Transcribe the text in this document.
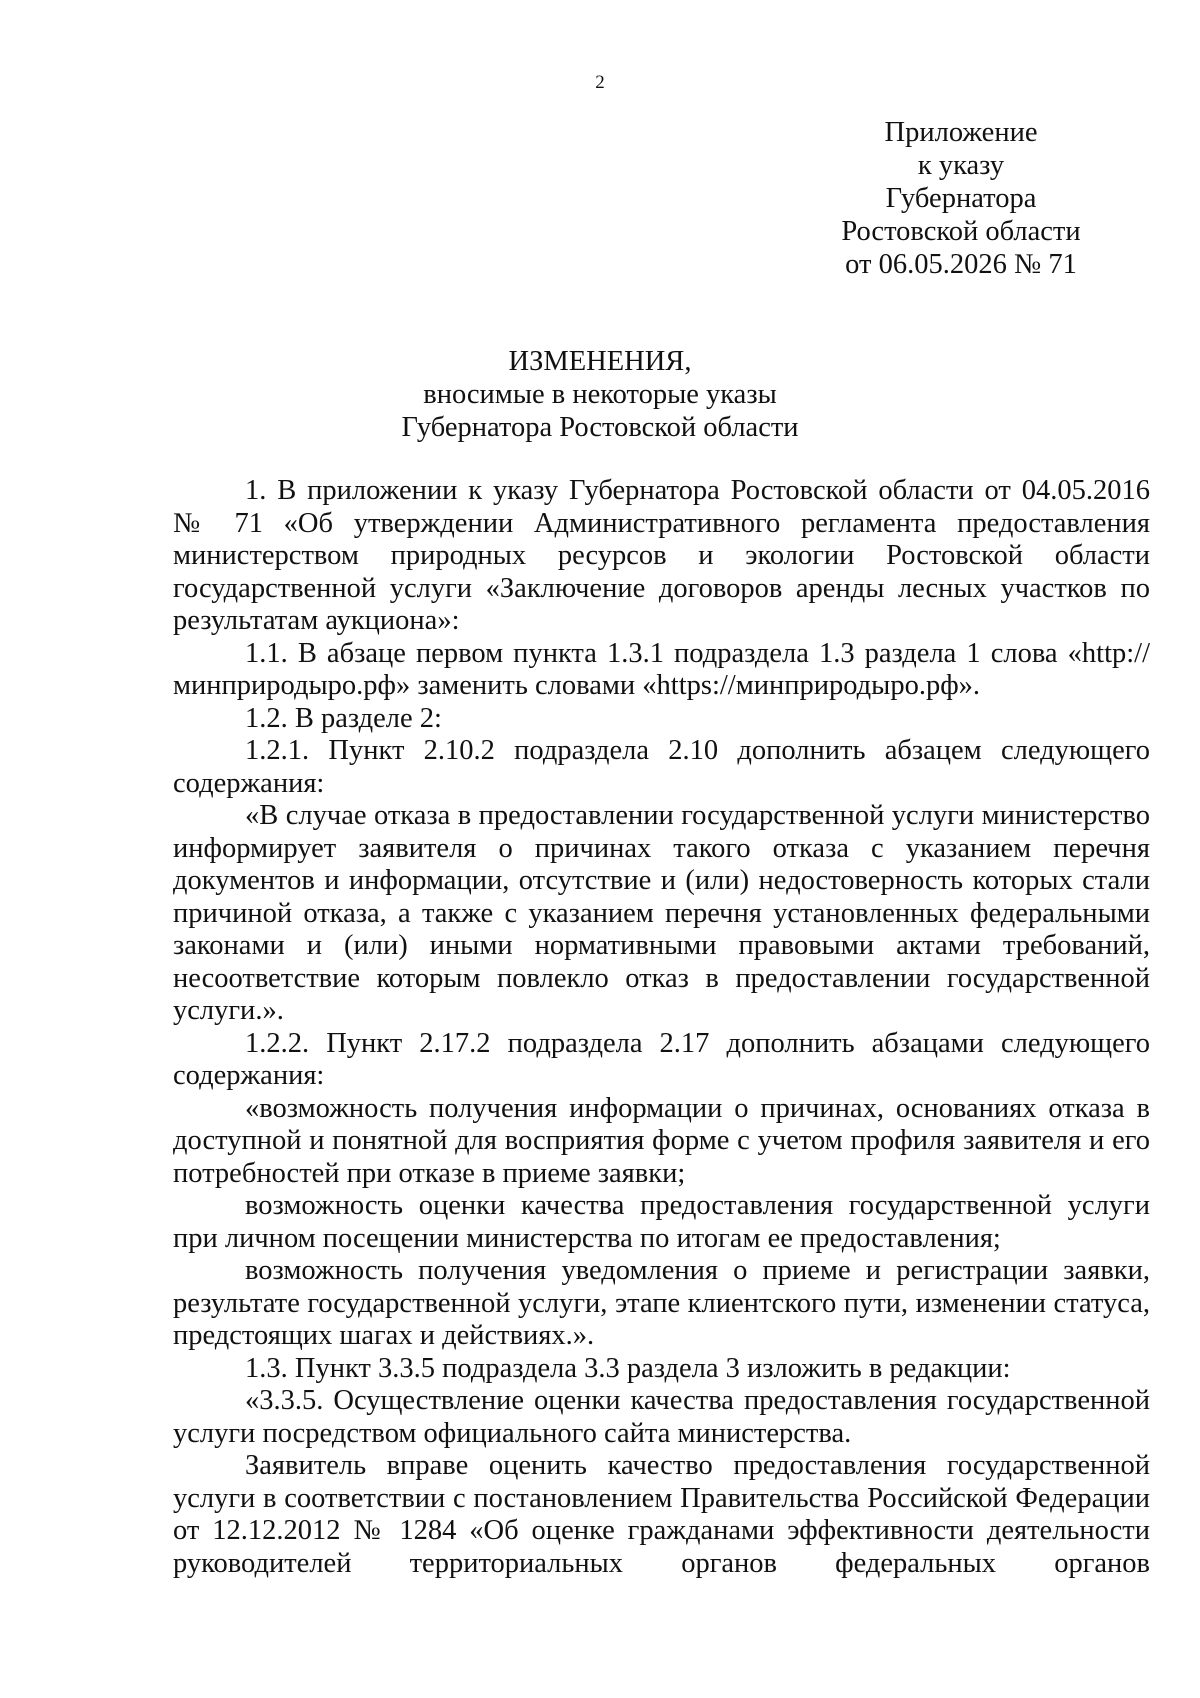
2
Приложение
к указу
Губернатора
Ростовской области
от 06.05.2026 № 71
ИЗМЕНЕНИЯ,
вносимые в некоторые указы
Губернатора Ростовской области

1. В приложении к указу Губернатора Ростовской области от 04.05.2016 № 71 «Об утверждении Административного регламента предоставления министерством природных ресурсов и экологии Ростовской области государственной услуги «Заключение договоров аренды лесных участков по результатам аукциона»:

1.1. В абзаце первом пункта 1.3.1 подраздела 1.3 раздела 1 слова «http://минприродыро.рф» заменить словами «https://минприродыро.рф».

1.2. В разделе 2:

1.2.1. Пункт 2.10.2 подраздела 2.10 дополнить абзацем следующего содержания:

«В случае отказа в предоставлении государственной услуги министерство информирует заявителя о причинах такого отказа с указанием перечня документов и информации, отсутствие и (или) недостоверность которых стали причиной отказа, а также с указанием перечня установленных федеральными законами и (или) иными нормативными правовыми актами требований, несоответствие которым повлекло отказ в предоставлении государственной услуги.».

1.2.2. Пункт 2.17.2 подраздела 2.17 дополнить абзацами следующего содержания:

«возможность получения информации о причинах, основаниях отказа в доступной и понятной для восприятия форме с учетом профиля заявителя и его потребностей при отказе в приеме заявки;

возможность оценки качества предоставления государственной услуги при личном посещении министерства по итогам ее предоставления;

возможность получения уведомления о приеме и регистрации заявки, результате государственной услуги, этапе клиентского пути, изменении статуса, предстоящих шагах и действиях.».

1.3. Пункт 3.3.5 подраздела 3.3 раздела 3 изложить в редакции:

«3.3.5. Осуществление оценки качества предоставления государственной услуги посредством официального сайта министерства.

Заявитель вправе оценить качество предоставления государственной услуги в соответствии с постановлением Правительства Российской Федерации от 12.12.2012 № 1284 «Об оценке гражданами эффективности деятельности руководителей территориальных органов федеральных органов
